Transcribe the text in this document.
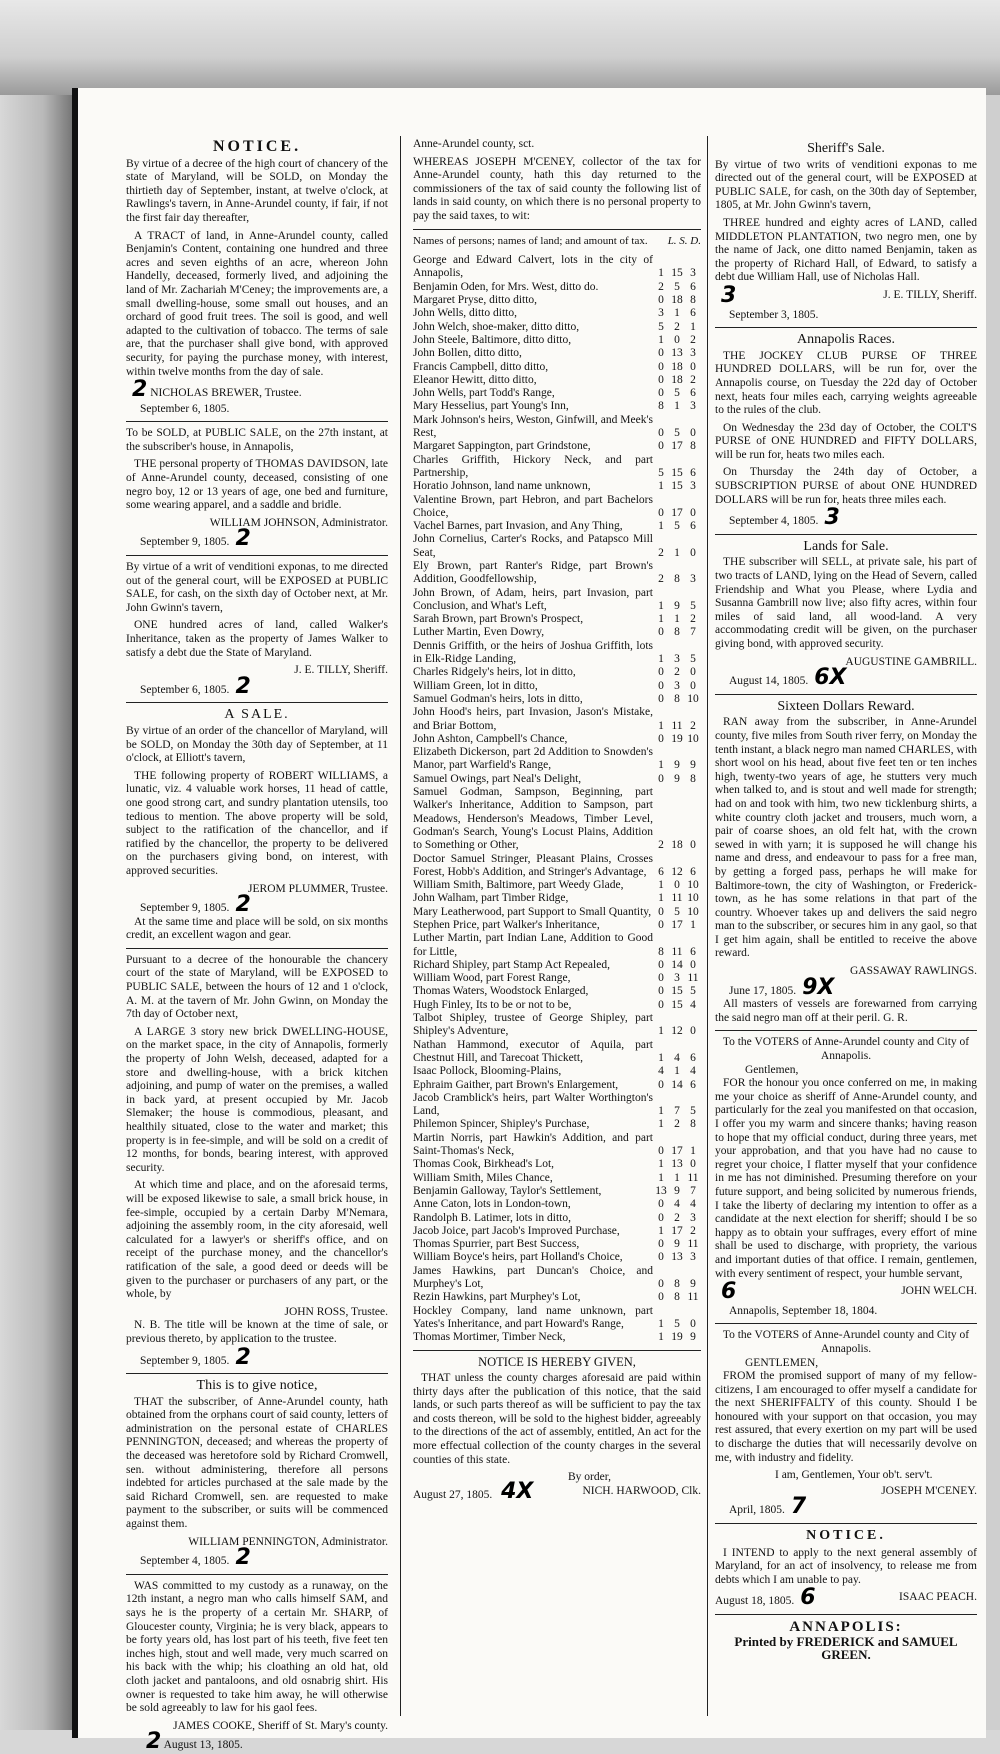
NOTICE.

By virtue of a decree of the high court of chancery of the state of Maryland, will be SOLD, on Monday the thirtieth day of September, instant, at twelve o'clock, at Rawlings's tavern, in Anne-Arundel county, if fair, if not the first fair day thereafter,

A TRACT of land, in Anne-Arundel county, called Benjamin's Content, containing one hundred and three acres and seven eighths of an acre, whereon John Handelly, deceased, formerly lived, and adjoining the land of Mr. Zachariah M'Ceney; the improvements are, a small dwelling-house, some small out houses, and an orchard of good fruit trees. The soil is good, and well adapted to the cultivation of tobacco. The terms of sale are, that the purchaser shall give bond, with approved security, for paying the purchase money, with interest, within twelve months from the day of sale.

2 NICHOLAS BREWER, Trustee.
September 6, 1805.

To be SOLD, at PUBLIC SALE, on the 27th instant, at the subscriber's house, in Annapolis,

THE personal property of THOMAS DAVIDSON, late of Anne-Arundel county, deceased, consisting of one negro boy, 12 or 13 years of age, one bed and furniture, some wearing apparel, and a saddle and bridle.

WILLIAM JOHNSON, Administrator.
September 9, 1805. 2

By virtue of a writ of venditioni exponas, to me directed out of the general court, will be EXPOSED at PUBLIC SALE, for cash, on the sixth day of October next, at Mr. John Gwinn's tavern,

ONE hundred acres of land, called Walker's Inheritance, taken as the property of James Walker to satisfy a debt due the State of Maryland.

J. E. TILLY, Sheriff.
September 6, 1805. 2
A SALE.

By virtue of an order of the chancellor of Maryland, will be SOLD, on Monday the 30th day of September, at 11 o'clock, at Elliott's tavern,

THE following property of ROBERT WILLIAMS, a lunatic, viz. 4 valuable work horses, 11 head of cattle, one good strong cart, and sundry plantation utensils, too tedious to mention. The above property will be sold, subject to the ratification of the chancellor, and if ratified by the chancellor, the property to be delivered on the purchasers giving bond, on interest, with approved securities.

JEROM PLUMMER, Trustee.
September 9, 1805. 2

At the same time and place will be sold, on six months credit, an excellent wagon and gear.

Pursuant to a decree of the honourable the chancery court of the state of Maryland, will be EXPOSED to PUBLIC SALE, between the hours of 12 and 1 o'clock, A. M. at the tavern of Mr. John Gwinn, on Monday the 7th day of October next,

A LARGE 3 story new brick DWELLING-HOUSE, on the market space, in the city of Annapolis, formerly the property of John Welsh, deceased, adapted for a store and dwelling-house, with a brick kitchen adjoining, and pump of water on the premises, a walled in back yard, at present occupied by Mr. Jacob Slemaker; the house is commodious, pleasant, and healthily situated, close to the water and market; this property is in fee-simple, and will be sold on a credit of 12 months, for bonds, bearing interest, with approved security.

At which time and place, and on the aforesaid terms, will be exposed likewise to sale, a small brick house, in fee-simple, occupied by a certain Darby M'Nemara, adjoining the assembly room, in the city aforesaid, well calculated for a lawyer's or sheriff's office, and on receipt of the purchase money, and the chancellor's ratification of the sale, a good deed or deeds will be given to the purchaser or purchasers of any part, or the whole, by

JOHN ROSS, Trustee.

N. B. The title will be known at the time of sale, or previous thereto, by application to the trustee.

September 9, 1805. 2
This is to give notice,

THAT the subscriber, of Anne-Arundel county, hath obtained from the orphans court of said county, letters of administration on the personal estate of CHARLES PENNINGTON, deceased; and whereas the property of the deceased was heretofore sold by Richard Cromwell, sen. without administering, therefore all persons indebted for articles purchased at the sale made by the said Richard Cromwell, sen. are requested to make payment to the subscriber, or suits will be commenced against them.

WILLIAM PENNINGTON, Administrator.
September 4, 1805. 2

WAS committed to my custody as a runaway, on the 12th instant, a negro man who calls himself SAM, and says he is the property of a certain Mr. SHARP, of Gloucester county, Virginia; he is very black, appears to be forty years old, has lost part of his teeth, five feet ten inches high, stout and well made, very much scarred on his back with the whip; his cloathing an old hat, old cloth jacket and pantaloons, and old osnabrig shirt. His owner is requested to take him away, he will otherwise be sold agreeably to law for his gaol fees.

JAMES COOKE, Sheriff of St. Mary's county.
2 August 13, 1805.
Anne-Arundel county, sct.

WHEREAS JOSEPH M'CENEY, collector of the tax for Anne-Arundel county, hath this day returned to the commissioners of the tax of said county the following list of lands in said county, on which there is no personal property to pay the said taxes, to wit:

Names of persons; names of land; and amount of tax. L. S. D.
George and Edward Calvert, lots in the city of Annapolis,	1	15	3
Benjamin Oden, for Mrs. West, ditto do.	2	5	6
Margaret Pryse, ditto ditto,	0	18	8
John Wells, ditto ditto,	3	1	6
John Welch, shoe-maker, ditto ditto,	5	2	1
John Steele, Baltimore, ditto ditto,	1	0	2
John Bollen, ditto ditto,	0	13	3
Francis Campbell, ditto ditto,	0	18	0
Eleanor Hewitt, ditto ditto,	0	18	2
John Wells, part Todd's Range,	0	5	6
Mary Hesselius, part Young's Inn,	8	1	3
Mark Johnson's heirs, Weston, Ginfwill, and Meek's Rest,	0	5	0
Margaret Sappington, part Grindstone,	0	17	8
Charles Griffith, Hickory Neck, and part Partnership,	5	15	6
Horatio Johnson, land name unknown,	1	15	3
Valentine Brown, part Hebron, and part Bachelors Choice,	0	17	0
Vachel Barnes, part Invasion, and Any Thing,	1	5	6
John Cornelius, Carter's Rocks, and Patapsco Mill Seat,	2	1	0
Ely Brown, part Ranter's Ridge, part Brown's Addition, Goodfellowship,	2	8	3
John Brown, of Adam, heirs, part Invasion, part Conclusion, and What's Left,	1	9	5
Sarah Brown, part Brown's Prospect,	1	1	2
Luther Martin, Even Dowry,	0	8	7
Dennis Griffith, or the heirs of Joshua Griffith, lots in Elk-Ridge Landing,	1	3	5
Charles Ridgely's heirs, lot in ditto,	0	2	0
William Green, lot in ditto,	0	3	0
Samuel Godman's heirs, lots in ditto,	0	8	10
John Hood's heirs, part Invasion, Jason's Mistake, and Briar Bottom,	1	11	2
John Ashton, Campbell's Chance,	0	19	10
Elizabeth Dickerson, part 2d Addition to Snowden's Manor, part Warfield's Range,	1	9	9
Samuel Owings, part Neal's Delight,	0	9	8
Samuel Godman, Sampson, Beginning, part Walker's Inheritance, Addition to Sampson, part Meadows, Henderson's Meadows, Timber Level, Godman's Search, Young's Locust Plains, Addition to Something or Other,	2	18	0
Doctor Samuel Stringer, Pleasant Plains, Crosses Forest, Hobb's Addition, and Stringer's Advantage,	6	12	6
William Smith, Baltimore, part Weedy Glade,	1	0	10
John Walham, part Timber Ridge,	1	11	10
Mary Leatherwood, part Support to Small Quantity,	0	5	10
Stephen Price, part Walker's Inheritance,	0	17	1
Luther Martin, part Indian Lane, Addition to Good for Little,	8	11	6
Richard Shipley, part Stamp Act Repealed,	0	14	0
William Wood, part Forest Range,	0	3	11
Thomas Waters, Woodstock Enlarged,	0	15	5
Hugh Finley, Its to be or not to be,	0	15	4
Talbot Shipley, trustee of George Shipley, part Shipley's Adventure,	1	12	0
Nathan Hammond, executor of Aquila, part Chestnut Hill, and Tarecoat Thickett,	1	4	6
Isaac Pollock, Blooming-Plains,	4	1	4
Ephraim Gaither, part Brown's Enlargement,	0	14	6
Jacob Cramblick's heirs, part Walter Worthington's Land,	1	7	5
Philemon Spincer, Shipley's Purchase,	1	2	8
Martin Norris, part Hawkin's Addition, and part Saint-Thomas's Neck,	0	17	1
Thomas Cook, Birkhead's Lot,	1	13	0
William Smith, Miles Chance,	1	1	11
Benjamin Galloway, Taylor's Settlement,	13	9	7
Anne Caton, lots in London-town,	0	4	4
Randolph B. Latimer, lots in ditto,	0	2	3
Jacob Joice, part Jacob's Improved Purchase,	1	17	2
Thomas Spurrier, part Best Success,	0	9	11
William Boyce's heirs, part Holland's Choice,	0	13	3
James Hawkins, part Duncan's Choice, and Murphey's Lot,	0	8	9
Rezin Hawkins, part Murphey's Lot,	0	8	11
Hockley Company, land name unknown, part Yates's Inheritance, and part Howard's Range,	1	5	0
Thomas Mortimer, Timber Neck,	1	19	9
NOTICE IS HEREBY GIVEN,

THAT unless the county charges aforesaid are paid within thirty days after the publication of this notice, that the said lands, or such parts thereof as will be sufficient to pay the tax and costs thereon, will be sold to the highest bidder, agreeably to the directions of the act of assembly, entitled, An act for the more effectual collection of the county charges in the several counties of this state.

By order,
August 27, 1805. 4X	NICH. HARWOOD, Clk.
Sheriff's Sale.

By virtue of two writs of venditioni exponas to me directed out of the general court, will be EXPOSED at PUBLIC SALE, for cash, on the 30th day of September, 1805, at Mr. John Gwinn's tavern,

THREE hundred and eighty acres of LAND, called MIDDLETON PLANTATION, two negro men, one by the name of Jack, one ditto named Benjamin, taken as the property of Richard Hall, of Edward, to satisfy a debt due William Hall, use of Nicholas Hall.

3	J. E. TILLY, Sheriff.
September 3, 1805.
Annapolis Races.

THE JOCKEY CLUB PURSE OF THREE HUNDRED DOLLARS, will be run for, over the Annapolis course, on Tuesday the 22d day of October next, heats four miles each, carrying weights agreeable to the rules of the club.

On Wednesday the 23d day of October, the COLT'S PURSE of ONE HUNDRED and FIFTY DOLLARS, will be run for, heats two miles each.

On Thursday the 24th day of October, a SUBSCRIPTION PURSE of about ONE HUNDRED DOLLARS will be run for, heats three miles each.

September 4, 1805. 3
Lands for Sale.

THE subscriber will SELL, at private sale, his part of two tracts of LAND, lying on the Head of Severn, called Friendship and What you Please, where Lydia and Susanna Gambrill now live; also fifty acres, within four miles of said land, all wood-land. A very accommodating credit will be given, on the purchaser giving bond, with approved security.

AUGUSTINE GAMBRILL.
August 14, 1805. 6X
Sixteen Dollars Reward.

RAN away from the subscriber, in Anne-Arundel county, five miles from South river ferry, on Monday the tenth instant, a black negro man named CHARLES, with short wool on his head, about five feet ten or ten inches high, twenty-two years of age, he stutters very much when talked to, and is stout and well made for strength; had on and took with him, two new ticklenburg shirts, a white country cloth jacket and trousers, much worn, a pair of coarse shoes, an old felt hat, with the crown sewed in with yarn; it is supposed he will change his name and dress, and endeavour to pass for a free man, by getting a forged pass, perhaps he will make for Baltimore-town, the city of Washington, or Frederick-town, as he has some relations in that part of the country. Whoever takes up and delivers the said negro man to the subscriber, or secures him in any gaol, so that I get him again, shall be entitled to receive the above reward.

GASSAWAY RAWLINGS.
June 17, 1805. 9X

All masters of vessels are forewarned from carrying the said negro man off at their peril. G. R.

To the VOTERS of Anne-Arundel county and City of Annapolis.
Gentlemen,

FOR the honour you once conferred on me, in making me your choice as sheriff of Anne-Arundel county, and particularly for the zeal you manifested on that occasion, I offer you my warm and sincere thanks; having reason to hope that my official conduct, during three years, met your approbation, and that you have had no cause to regret your choice, I flatter myself that your confidence in me has not diminished. Presuming therefore on your future support, and being solicited by numerous friends, I take the liberty of declaring my intention to offer as a candidate at the next election for sheriff; should I be so happy as to obtain your suffrages, every effort of mine shall be used to discharge, with propriety, the various and important duties of that office. I remain, gentlemen, with every sentiment of respect, your humble servant,

6	JOHN WELCH.
Annapolis, September 18, 1804.
To the VOTERS of Anne-Arundel county and City of Annapolis.
GENTLEMEN,

FROM the promised support of many of my fellow-citizens, I am encouraged to offer myself a candidate for the next SHERIFFALTY of this county. Should I be honoured with your support on that occasion, you may rest assured, that every exertion on my part will be used to discharge the duties that will necessarily devolve on me, with industry and fidelity.

I am, Gentlemen, Your ob't. serv't.
JOSEPH M'CENEY.
April, 1805. 7
NOTICE.

I INTEND to apply to the next general assembly of Maryland, for an act of insolvency, to release me from debts which I am unable to pay.

August 18, 1805. 6	ISAAC PEACH.
ANNAPOLIS:
Printed by FREDERICK and SAMUEL GREEN.
